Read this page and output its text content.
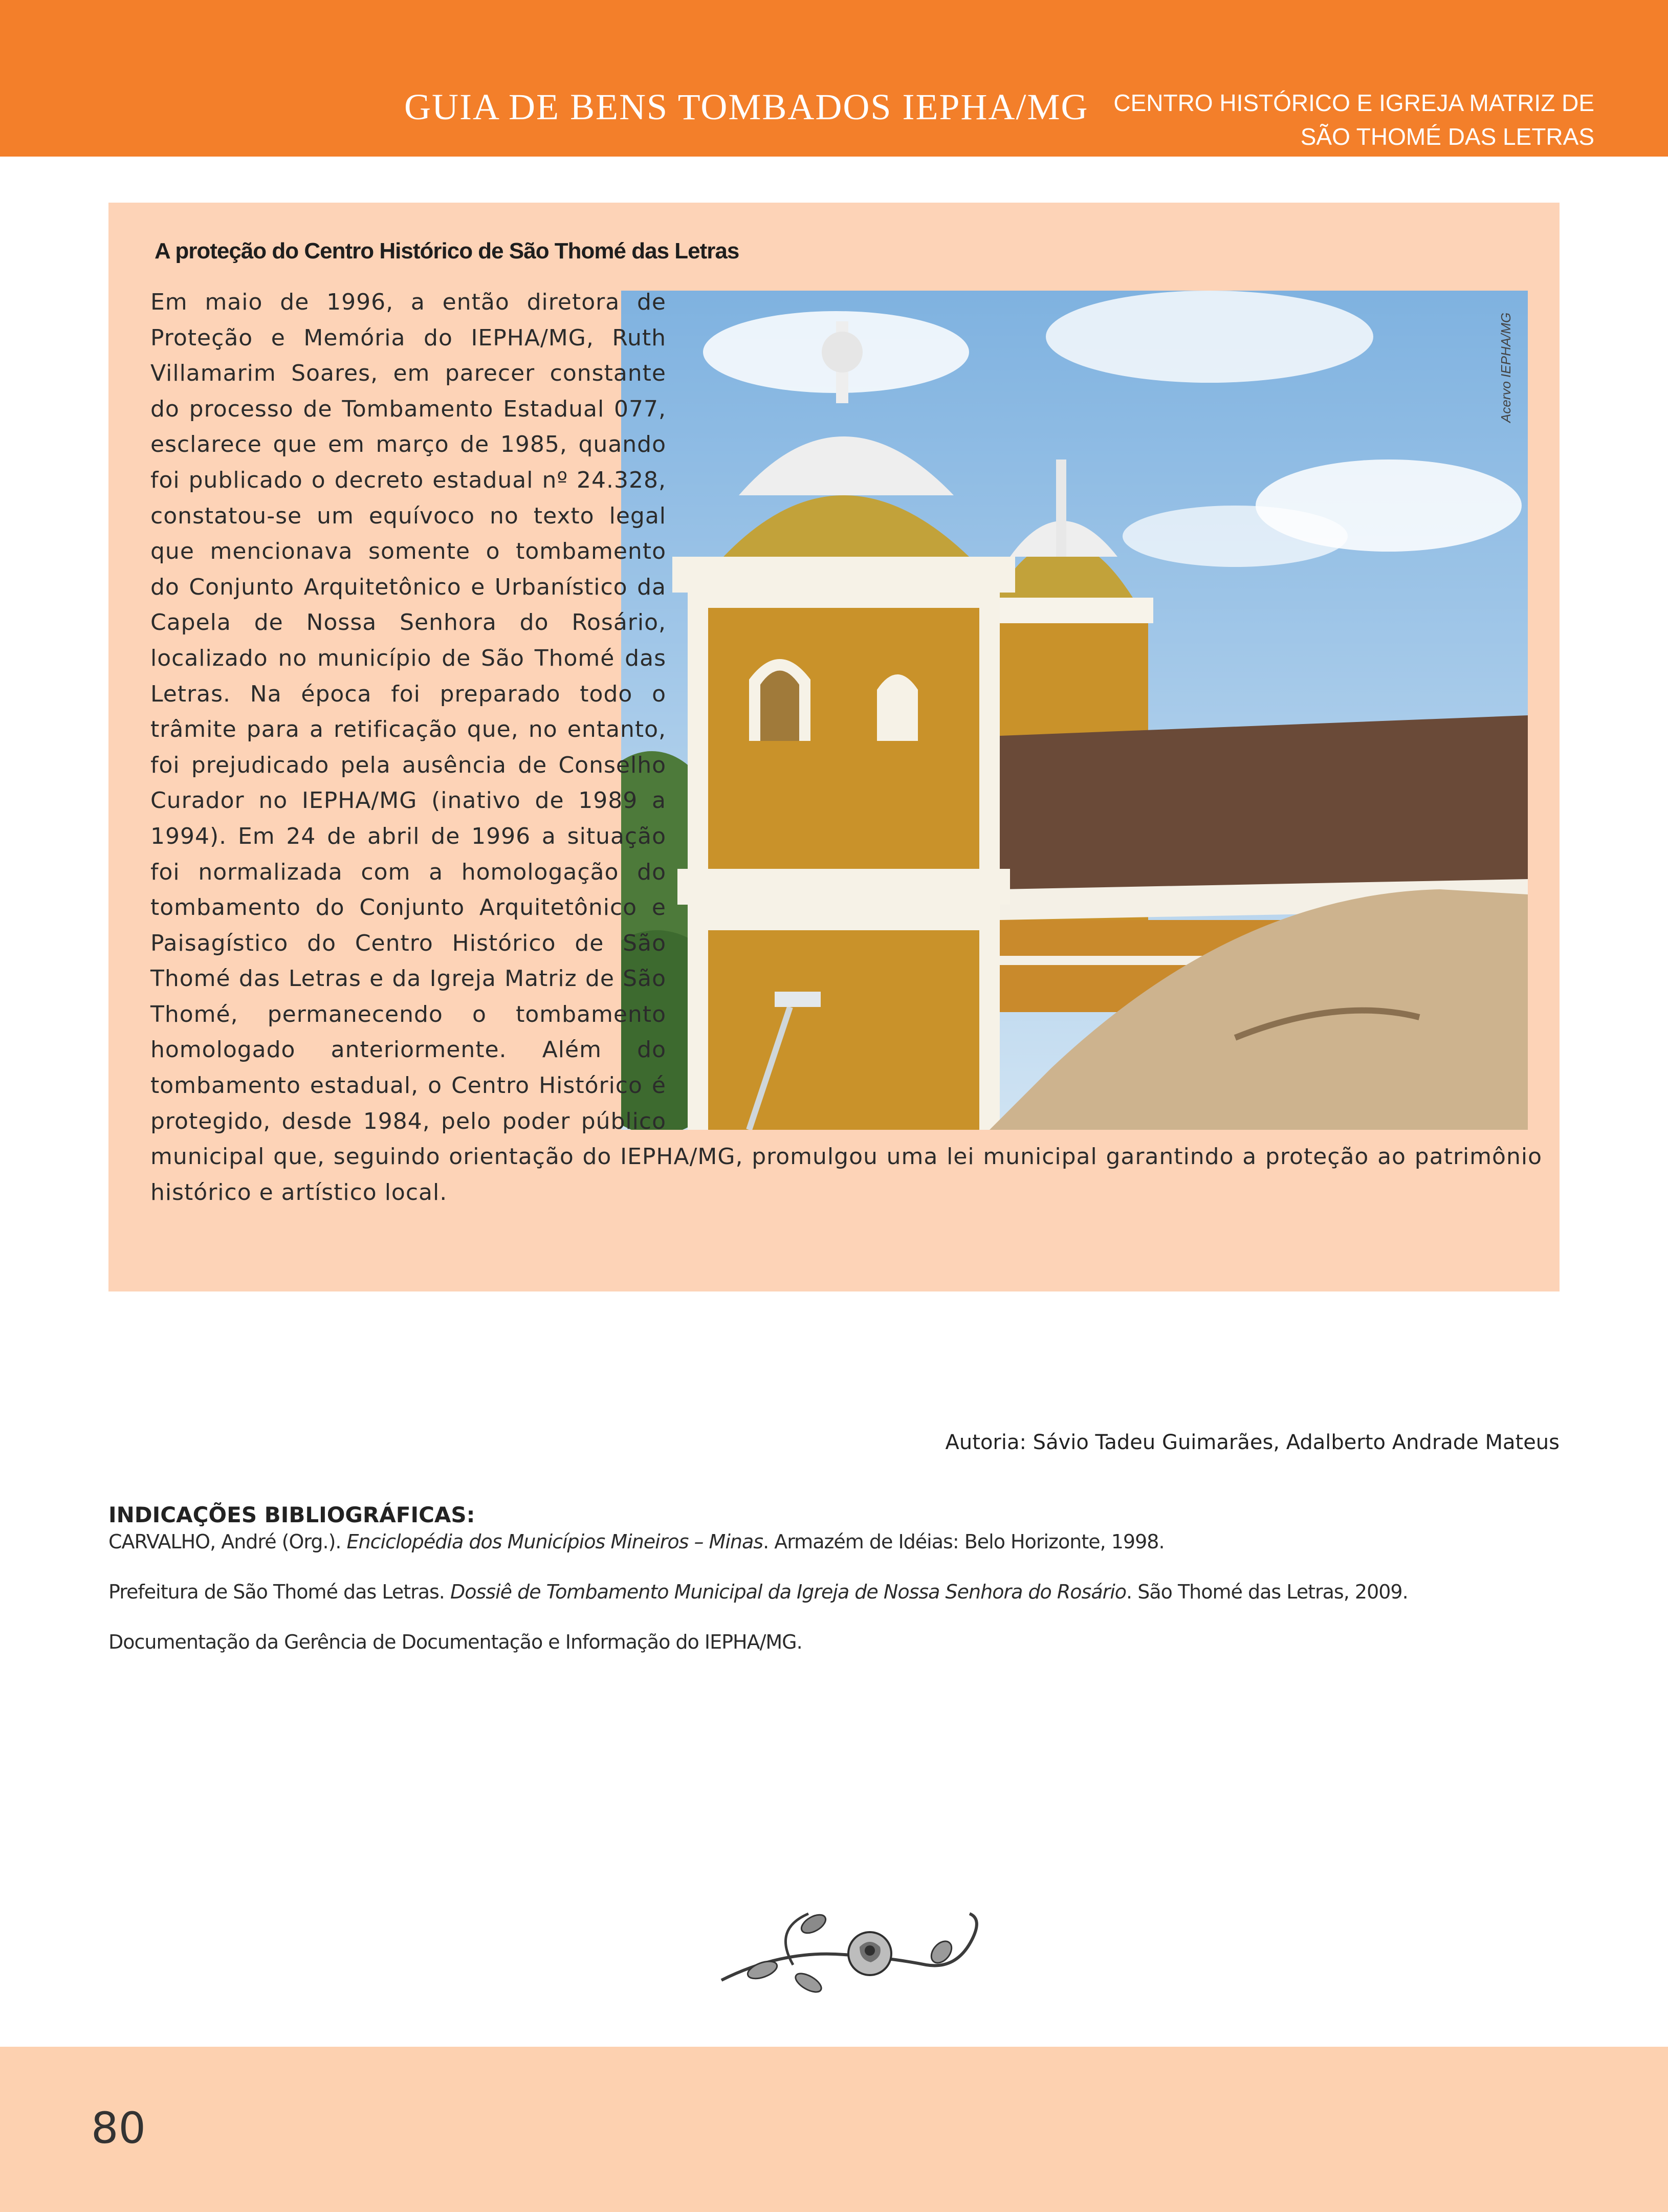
GUIA DE BENS TOMBADOS IEPHA/MG	CENTRO HISTÓRICO E IGREJA MATRIZ DE SÃO THOMÉ DAS LETRAS
A proteção do Centro Histórico de São Thomé das Letras
Acervo IEPHA/MG
Em maio de 1996, a então diretora de Proteção e Memória do IEPHA/MG, Ruth Villamarim Soares, em parecer constante do processo de Tombamento Estadual 077, esclarece que em março de 1985, quando foi publicado o decreto estadual nº 24.328, constatou-se um equívoco no texto legal que mencionava somente o tombamento do Conjunto Arquitetônico e Urbanístico da Capela de Nossa Senhora do Rosário, localizado no município de São Thomé das Letras. Na época foi preparado todo o trâmite para a retificação que, no entanto, foi prejudicado pela ausência de Conselho Curador no IEPHA/MG (inativo de 1989 a 1994). Em 24 de abril de 1996 a situação foi normalizada com a homologação do tombamento do Conjunto Arquitetônico e Paisagístico do Centro Histórico de São Thomé das Letras e da Igreja Matriz de São Thomé, permanecendo o tombamento homologado anteriormente. Além do tombamento estadual, o Centro Histórico é protegido, desde 1984, pelo poder público municipal que, seguindo orientação do IEPHA/MG, promulgou uma lei municipal garantindo a proteção ao patrimônio histórico e artístico local.
Autoria: Sávio Tadeu Guimarães, Adalberto Andrade Mateus
INDICAÇÕES BIBLIOGRÁFICAS:
CARVALHO, André (Org.). Enciclopédia dos Municípios Mineiros – Minas. Armazém de Idéias: Belo Horizonte, 1998.
Prefeitura de São Thomé das Letras. Dossiê de Tombamento Municipal da Igreja de Nossa Senhora do Rosário. São Thomé das Letras, 2009.
Documentação da Gerência de Documentação e Informação do IEPHA/MG.
80
